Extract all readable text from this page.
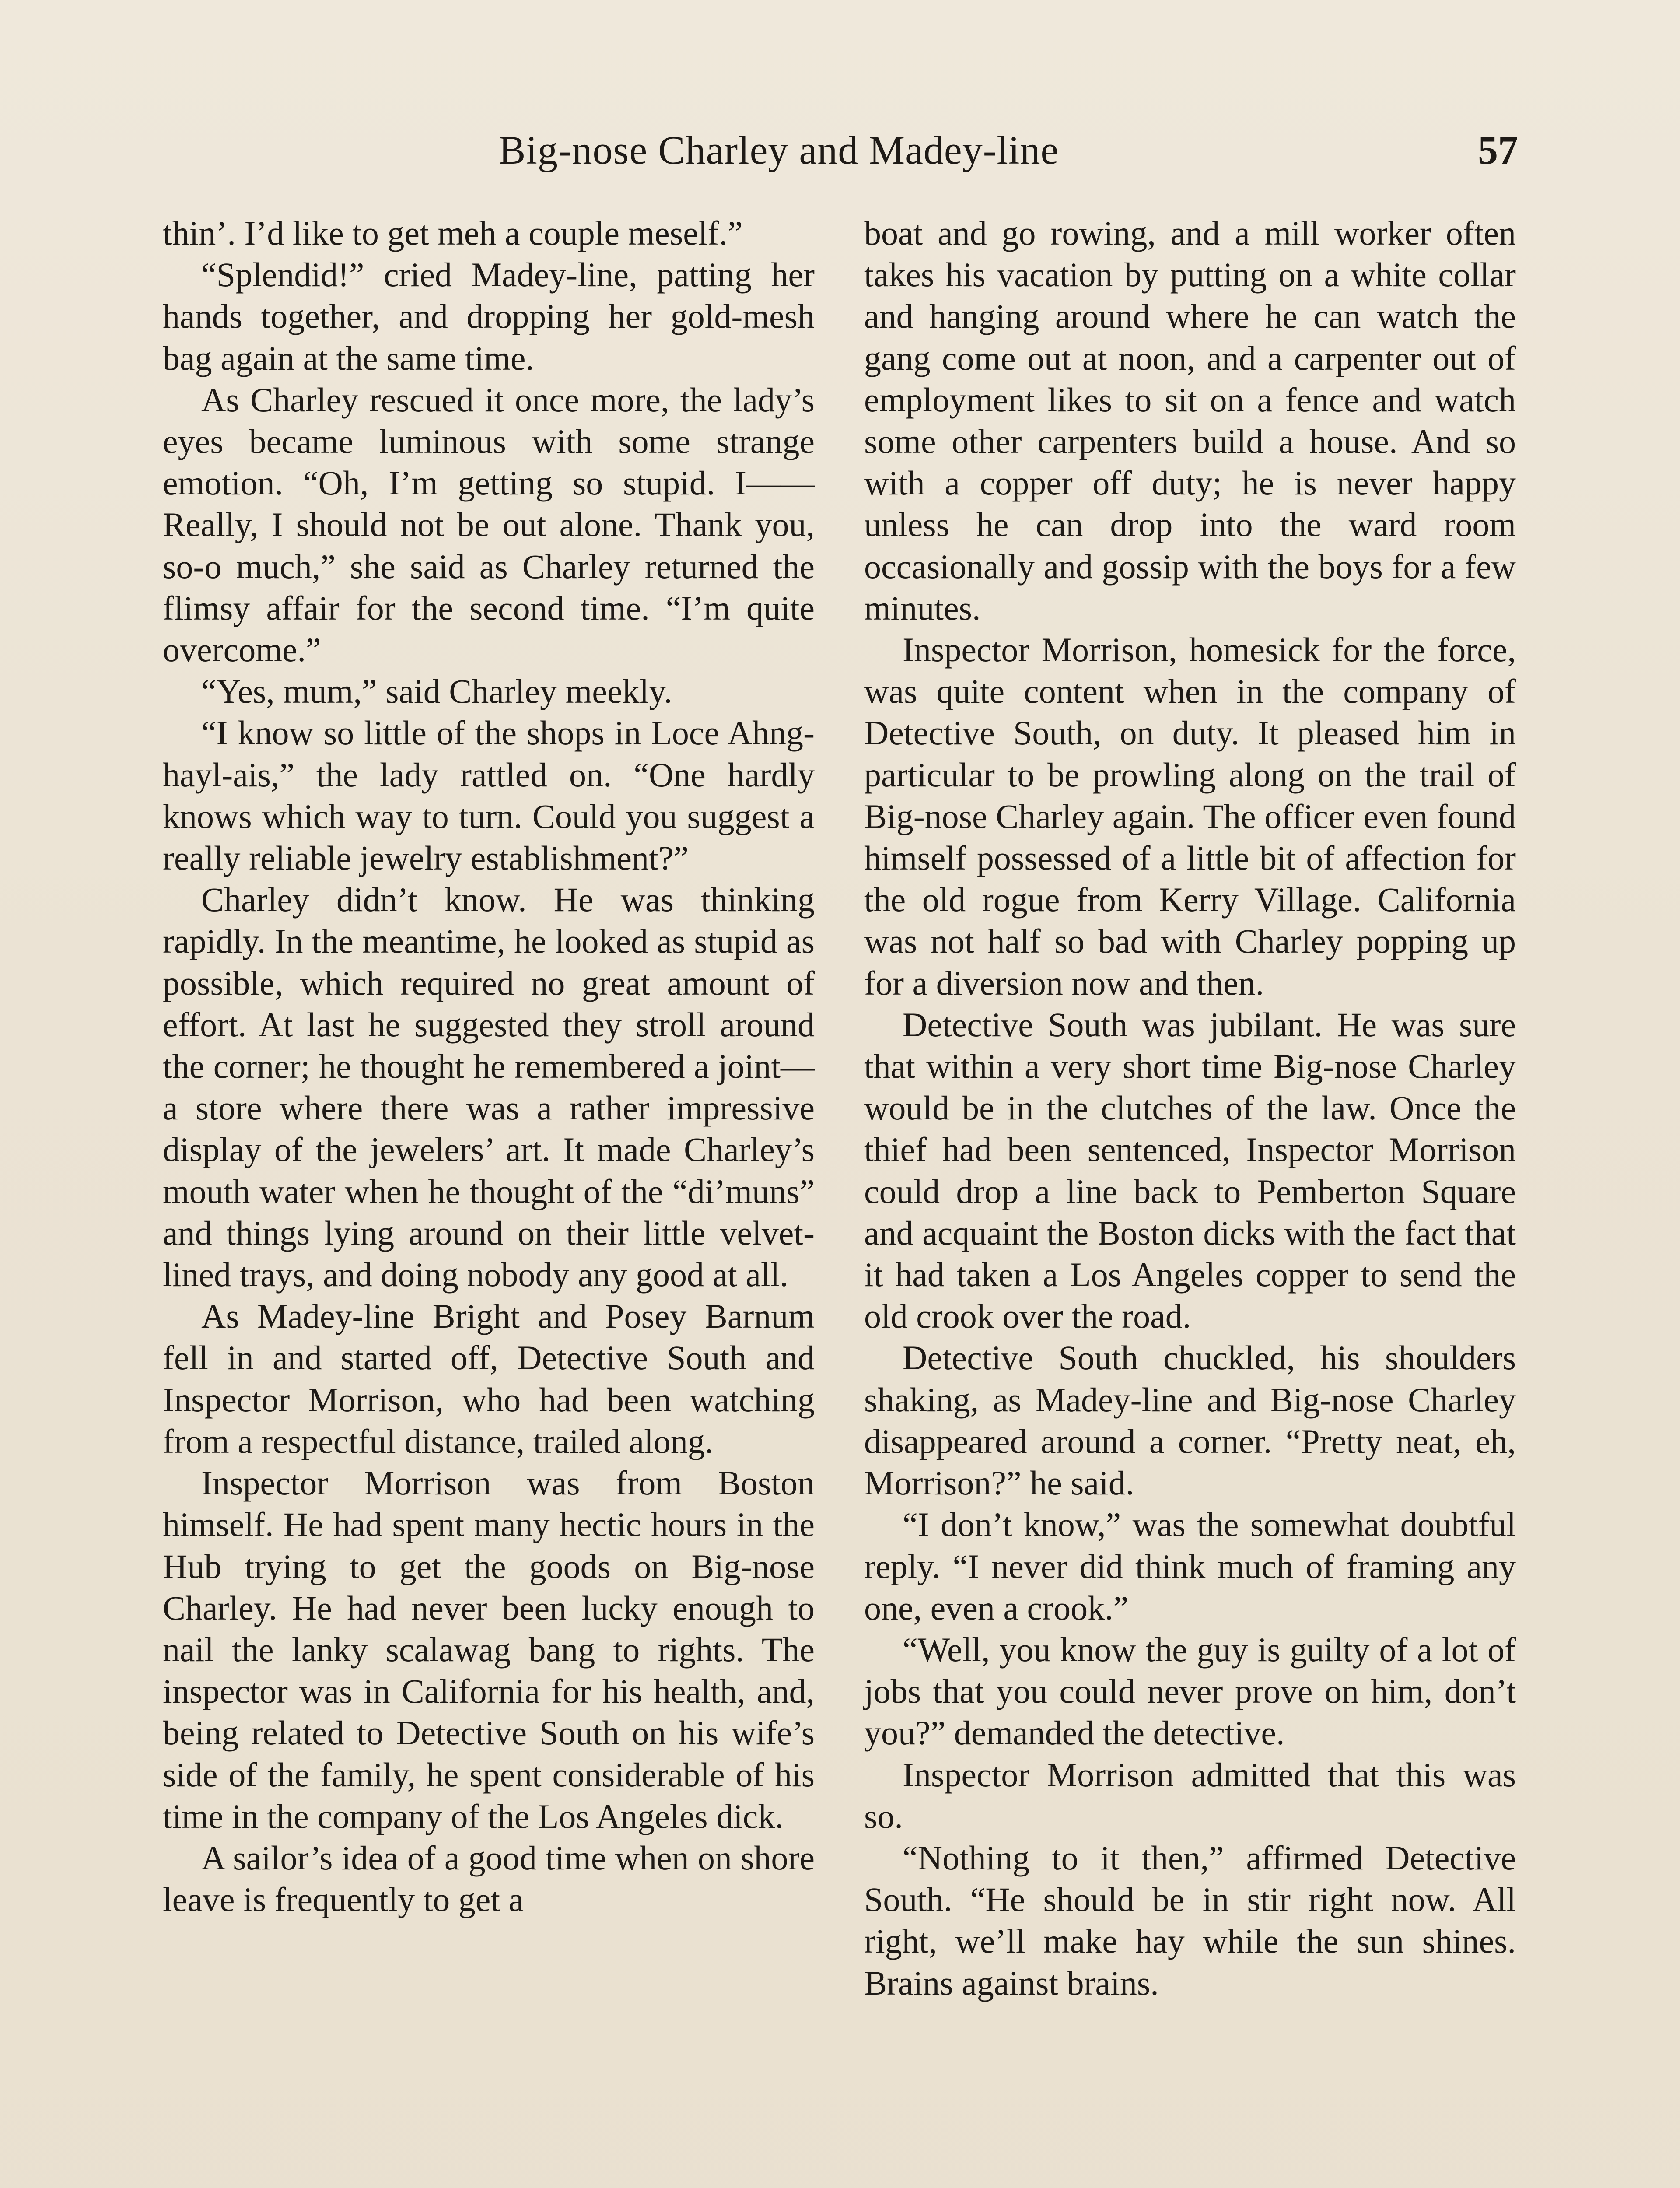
Big-nose Charley and Madey-line	57

thin’. I’d like to get meh a couple meself.”

“Splendid!” cried Madey-line, patting her hands together, and dropping her gold-mesh bag again at the same time.

As Charley rescued it once more, the lady’s eyes became luminous with some strange emotion. “Oh, I’m getting so stupid. I—— Really, I should not be out alone. Thank you, so-o much,” she said as Charley returned the flimsy affair for the second time. “I’m quite overcome.”

“Yes, mum,” said Charley meekly.

“I know so little of the shops in Loce Ahng-hayl-ais,” the lady rattled on. “One hardly knows which way to turn. Could you suggest a really reliable jewelry establishment?”

Charley didn’t know. He was thinking rapidly. In the meantime, he looked as stupid as possible, which required no great amount of effort. At last he suggested they stroll around the corner; he thought he remembered a joint—a store where there was a rather impressive display of the jewelers’ art. It made Charley’s mouth water when he thought of the “di’muns” and things lying around on their little velvet-lined trays, and doing nobody any good at all.

As Madey-line Bright and Posey Barnum fell in and started off, Detective South and Inspector Morrison, who had been watching from a respectful distance, trailed along.

Inspector Morrison was from Boston himself. He had spent many hectic hours in the Hub trying to get the goods on Big-nose Charley. He had never been lucky enough to nail the lanky scalawag bang to rights. The inspector was in California for his health, and, being related to Detective South on his wife’s side of the family, he spent considerable of his time in the company of the Los Angeles dick.

A sailor’s idea of a good time when on shore leave is frequently to get a

boat and go rowing, and a mill worker often takes his vacation by putting on a white collar and hanging around where he can watch the gang come out at noon, and a carpenter out of employment likes to sit on a fence and watch some other carpenters build a house. And so with a copper off duty; he is never happy unless he can drop into the ward room occasionally and gossip with the boys for a few minutes.

Inspector Morrison, homesick for the force, was quite content when in the company of Detective South, on duty. It pleased him in particular to be prowling along on the trail of Big-nose Charley again. The officer even found himself possessed of a little bit of affection for the old rogue from Kerry Village. California was not half so bad with Charley popping up for a diversion now and then.

Detective South was jubilant. He was sure that within a very short time Big-nose Charley would be in the clutches of the law. Once the thief had been sentenced, Inspector Morrison could drop a line back to Pemberton Square and acquaint the Boston dicks with the fact that it had taken a Los Angeles copper to send the old crook over the road.

Detective South chuckled, his shoulders shaking, as Madey-line and Big-nose Charley disappeared around a corner. “Pretty neat, eh, Morrison?” he said.

“I don’t know,” was the somewhat doubtful reply. “I never did think much of framing any one, even a crook.”

“Well, you know the guy is guilty of a lot of jobs that you could never prove on him, don’t you?” demanded the detective.

Inspector Morrison admitted that this was so.

“Nothing to it then,” affirmed Detective South. “He should be in stir right now. All right, we’ll make hay while the sun shines. Brains against brains.
